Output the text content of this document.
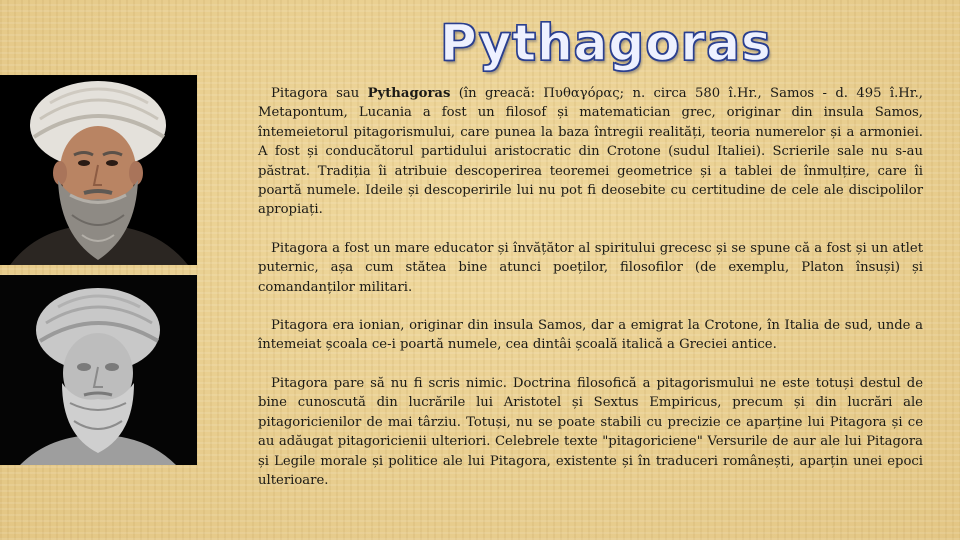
Pythagoras

Pitagora sau Pythagoras (în greacă: Πυθαγόρας; n. circa 580 î.Hr., Samos - d. 495 î.Hr., Metapontum, Lucania a fost un filosof și matematician grec, originar din insula Samos, întemeietorul pitagorismului, care punea la baza întregii realități, teoria numerelor și a armoniei. A fost și conducătorul partidului aristocratic din Crotone (sudul Italiei). Scrierile sale nu s-au păstrat. Tradiția îi atribuie descoperirea teoremei geometrice și a tablei de înmulțire, care îi poartă numele. Ideile și descoperirile lui nu pot fi deosebite cu certitudine de cele ale discipolilor apropiați.

Pitagora a fost un mare educator și învățător al spiritului grecesc și se spune că a fost și un atlet puternic, așa cum stătea bine atunci poeților, filosofilor (de exemplu, Platon însuși) și comandanților militari.

Pitagora era ionian, originar din insula Samos, dar a emigrat la Crotone, în Italia de sud, unde a întemeiat școala ce-i poartă numele, cea dintâi școală italică a Greciei antice.

Pitagora pare să nu fi scris nimic. Doctrina filosofică a pitagorismului ne este totuși destul de bine cunoscută din lucrările lui Aristotel și Sextus Empiricus, precum și din lucrări ale pitagoricienilor de mai târziu. Totuși, nu se poate stabili cu precizie ce aparține lui Pitagora și ce au adăugat pitagoricienii ulteriori. Celebrele texte "pitagoriciene" Versurile de aur ale lui Pitagora și Legile morale și politice ale lui Pitagora, existente și în traduceri românești, aparțin unei epoci ulterioare.
